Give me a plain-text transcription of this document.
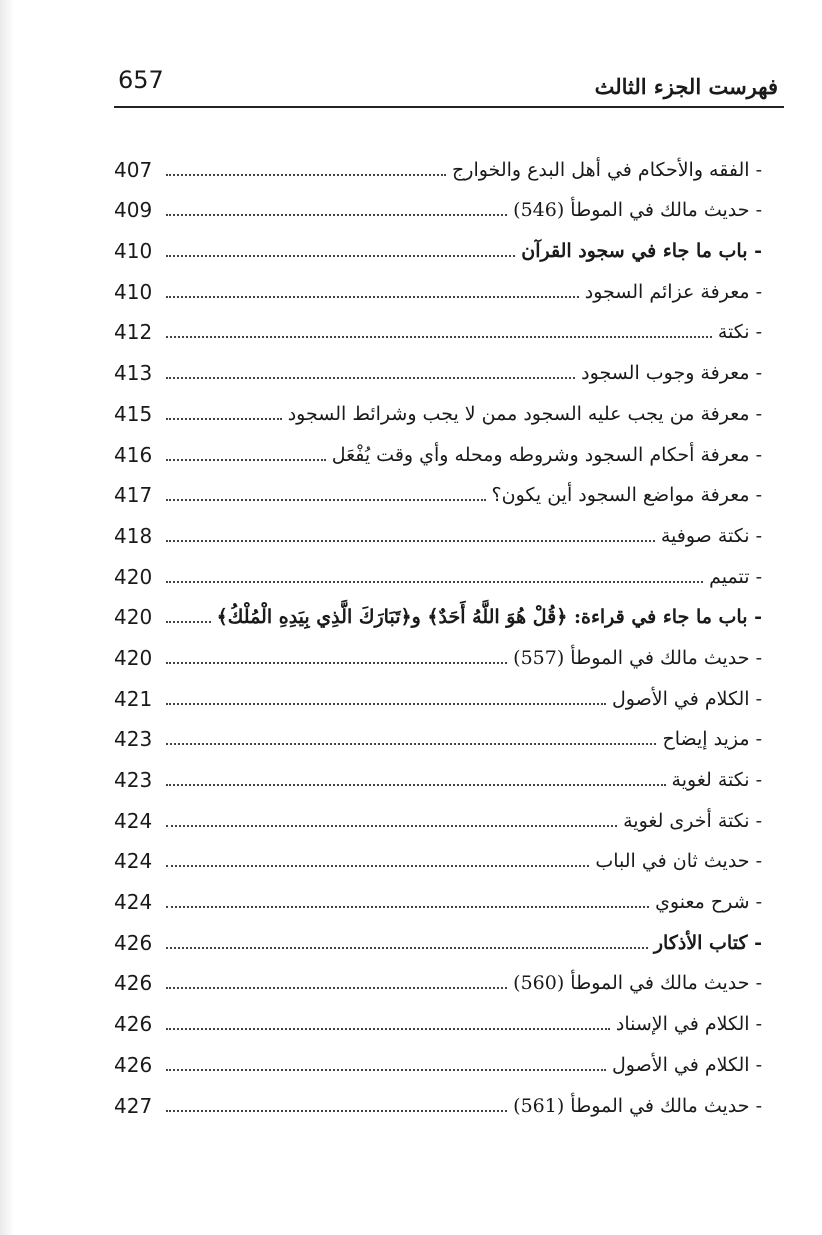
657	فهرست الجزء الثالث
- الفقه والأحكام في أهل البدع والخوارج
407
- حديث مالك في الموطأ (546)
409
- باب ما جاء في سجود القرآن
410
- معرفة عزائم السجود
410
- نكتة
412
- معرفة وجوب السجود
413
- معرفة من يجب عليه السجود ممن لا يجب وشرائط السجود
415
- معرفة أحكام السجود وشروطه ومحله وأي وقت يُفْعَل
416
- معرفة مواضع السجود أين يكون؟
417
- نكتة صوفية
418
- تتميم
420
- باب ما جاء في قراءة: ﴿قُلْ هُوَ اللَّهُ أَحَدٌ﴾ و﴿تَبَارَكَ الَّذِي بِيَدِهِ الْمُلْكُ﴾
420
- حديث مالك في الموطأ (557)
420
- الكلام في الأصول
421
- مزيد إيضاح
423
- نكتة لغوية
423
- نكتة أخرى لغوية
424
- حديث ثان في الباب
424
- شرح معنوي
424
- كتاب الأذكار
426
- حديث مالك في الموطأ (560)
426
- الكلام في الإسناد
426
- الكلام في الأصول
426
- حديث مالك في الموطأ (561)
427
